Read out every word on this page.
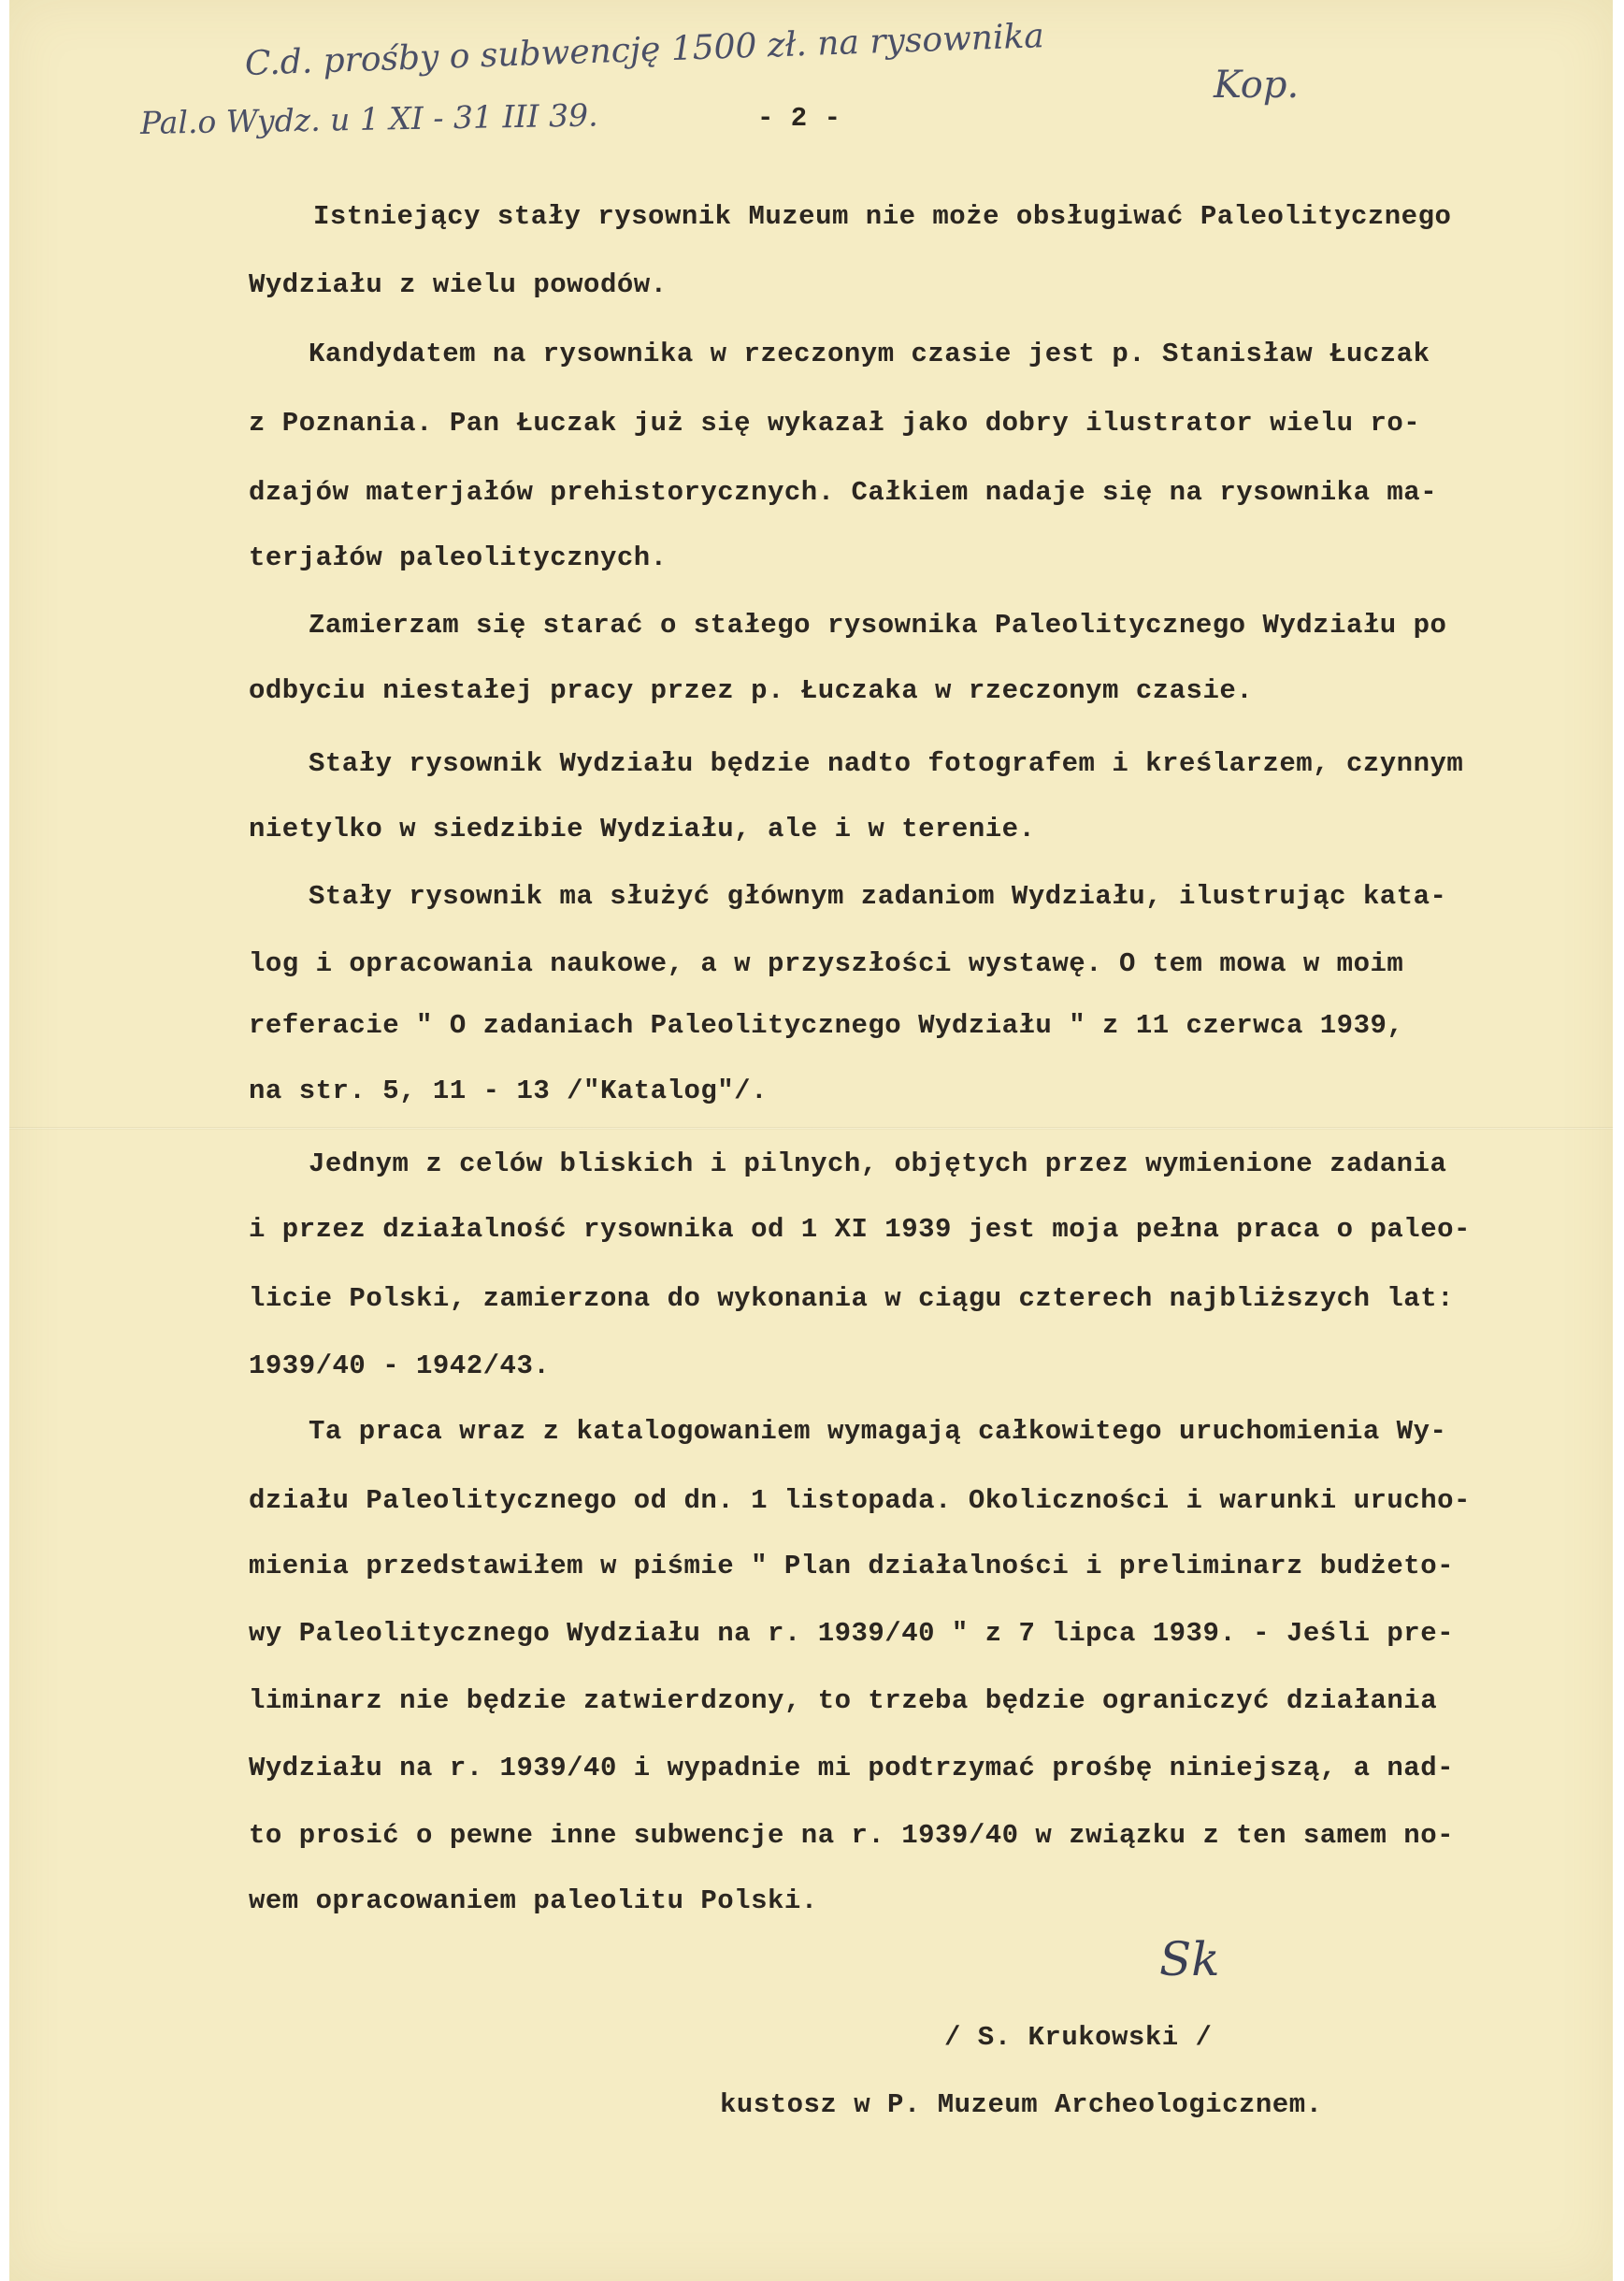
C.d. prośby o subwencję 1500 zł. na rysownika
Pal.o Wydz. u 1 XI - 31 III 39.
Kop.
- 2 -
Istniejący stały rysownik Muzeum nie może obsługiwać Paleolitycznego
Wydziału z wielu powodów.
Kandydatem na rysownika w rzeczonym czasie jest p. Stanisław Łuczak
z Poznania. Pan Łuczak już się wykazał jako dobry ilustrator wielu ro-
dzajów materjałów prehistorycznych. Całkiem nadaje się na rysownika ma-
terjałów paleolitycznych.
Zamierzam się starać o stałego rysownika Paleolitycznego Wydziału po
odbyciu niestałej pracy przez p. Łuczaka w rzeczonym czasie.
Stały rysownik Wydziału będzie nadto fotografem i kreślarzem, czynnym
nietylko w siedzibie Wydziału, ale i w terenie.
Stały rysownik ma służyć głównym zadaniom Wydziału, ilustrując kata-
log i opracowania naukowe, a w przyszłości wystawę. O tem mowa w moim
referacie " O zadaniach Paleolitycznego Wydziału " z 11 czerwca 1939,
na str. 5, 11 - 13 /"Katalog"/.
Jednym z celów bliskich i pilnych, objętych przez wymienione zadania
i przez działalność rysownika od 1 XI 1939 jest moja pełna praca o paleo-
licie Polski, zamierzona do wykonania w ciągu czterech najbliższych lat:
1939/40 - 1942/43.
Ta praca wraz z katalogowaniem wymagają całkowitego uruchomienia Wy-
działu Paleolitycznego od dn. 1 listopada. Okoliczności i warunki urucho-
mienia przedstawiłem w piśmie " Plan działalności i preliminarz budżeto-
wy Paleolitycznego Wydziału na r. 1939/40 " z 7 lipca 1939. - Jeśli pre-
liminarz nie będzie zatwierdzony, to trzeba będzie ograniczyć działania
Wydziału na r. 1939/40 i wypadnie mi podtrzymać prośbę niniejszą, a nad-
to prosić o pewne inne subwencje na r. 1939/40 w związku z ten samem no-
wem opracowaniem paleolitu Polski.
Sk
/ S. Krukowski /
kustosz w P. Muzeum Archeologicznem.
